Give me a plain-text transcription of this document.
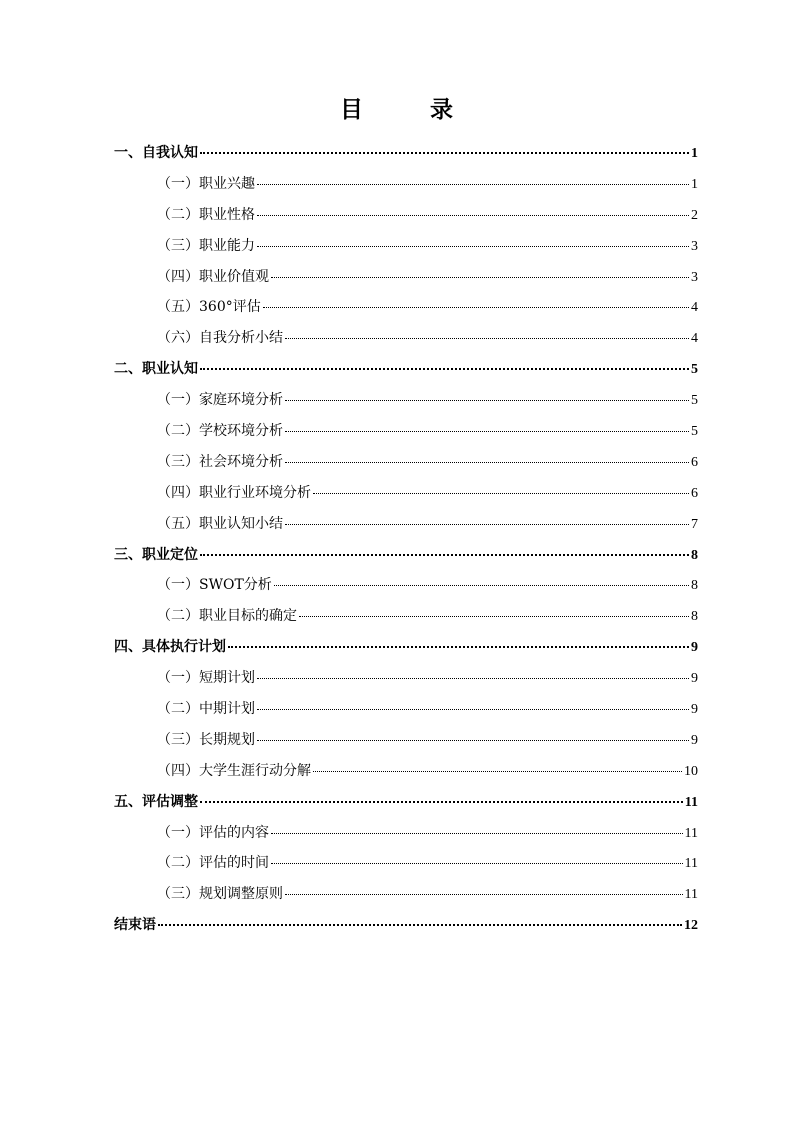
目　录
一、自我认知	1
（一）职业兴趣	1
（二）职业性格	2
（三）职业能力	3
（四）职业价值观	3
（五）360°评估	4
（六）自我分析小结	4
二、职业认知	5
（一）家庭环境分析	5
（二）学校环境分析	5
（三）社会环境分析	6
（四）职业行业环境分析	6
（五）职业认知小结	7
三、职业定位	8
（一）SWOT分析	8
（二）职业目标的确定	8
四、具体执行计划	9
（一）短期计划	9
（二）中期计划	9
（三）长期规划	9
（四）大学生涯行动分解	10
五、评估调整	11
（一）评估的内容	11
（二）评估的时间	11
（三）规划调整原则	11
结束语	12
